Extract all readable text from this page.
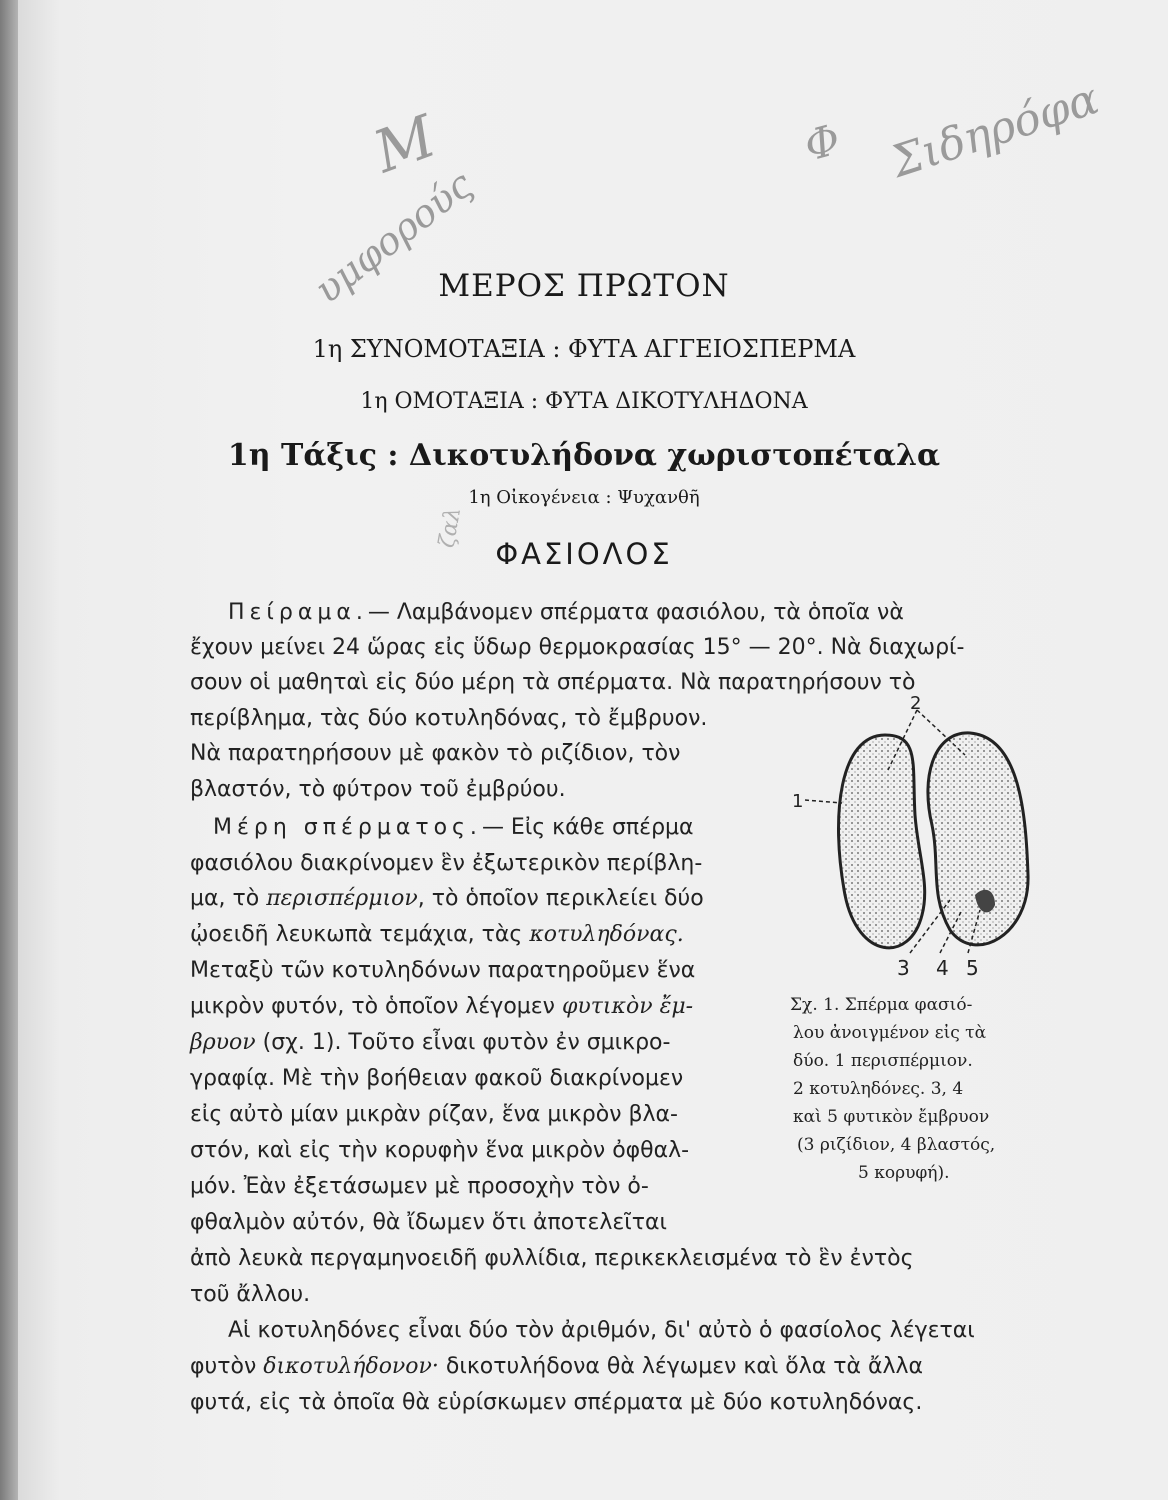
Μ
υμφορούς
Φ Σιδηρόφα
ζαλ
ΜΕΡΟΣ ΠΡΩΤΟΝ
1η ΣΥΝΟΜΟΤΑΞΙΑ : ΦΥΤΑ ΑΓΓΕΙΟΣΠΕΡΜΑ
1η ΟΜΟΤΑΞΙΑ : ΦΥΤΑ ΔΙΚΟΤΥΛΗΔΟΝΑ
1η Τάξις : Δικοτυλήδονα χωριστοπέταλα
1η Οἰκογένεια : Ψυχανθῆ
ΦΑΣΙΟΛΟΣ
Πείραμα.— Λαμβάνομεν σπέρματα φασιόλου, τὰ ὁποῖα νὰ
ἔχουν μείνει 24 ὥρας εἰς ὕδωρ θερμοκρασίας 15° — 20°. Νὰ διαχωρί-
σουν οἱ μαθηταὶ εἰς δύο μέρη τὰ σπέρματα. Νὰ παρατηρήσουν τὸ
περίβλημα, τὰς δύο κοτυληδόνας, τὸ ἔμβρυον.
Νὰ παρατηρήσουν μὲ φακὸν τὸ ριζίδιον, τὸν
βλαστόν, τὸ φύτρον τοῦ ἐμβρύου.
Μέρη σπέρματος.— Εἰς κάθε σπέρμα
φασιόλου διακρίνομεν ἓν ἐξωτερικὸν περίβλη-
μα, τὸ περισπέρμιον, τὸ ὁποῖον περικλείει δύο
ᾠοειδῆ λευκωπὰ τεμάχια, τὰς κοτυληδόνας.
Μεταξὺ τῶν κοτυληδόνων παρατηροῦμεν ἕνα
μικρὸν φυτόν, τὸ ὁποῖον λέγομεν φυτικὸν ἔμ-
βρυον (σχ. 1). Τοῦτο εἶναι φυτὸν ἐν σμικρο-
γραφίᾳ. Μὲ τὴν βοήθειαν φακοῦ διακρίνομεν
εἰς αὐτὸ μίαν μικρὰν ρίζαν, ἕνα μικρὸν βλα-
στόν, καὶ εἰς τὴν κορυφὴν ἕνα μικρὸν ὀφθαλ-
μόν. Ἐὰν ἐξετάσωμεν μὲ προσοχὴν τὸν ὀ-
φθαλμὸν αὐτόν, θὰ ἴδωμεν ὅτι ἀποτελεῖται
ἀπὸ λευκὰ περγαμηνοειδῆ φυλλίδια, περικεκλεισμένα τὸ ἓν ἐντὸς
τοῦ ἄλλου.
Αἱ κοτυληδόνες εἶναι δύο τὸν ἀριθμόν, δι' αὐτὸ ὁ φασίολος λέγεται
φυτὸν δικοτυλήδονον· δικοτυλήδονα θὰ λέγωμεν καὶ ὅλα τὰ ἄλλα
φυτά, εἰς τὰ ὁποῖα θὰ εὑρίσκωμεν σπέρματα μὲ δύο κοτυληδόνας.
1
2
3 4 5
Σχ. 1. Σπέρμα φασιό-
λου ἀνοιγμένον εἰς τὰ
δύο. 1 περισπέρμιον.
2 κοτυληδόνες. 3, 4
καὶ 5 φυτικὸν ἔμβρυον
(3 ριζίδιον, 4 βλαστός,
5 κορυφή).
